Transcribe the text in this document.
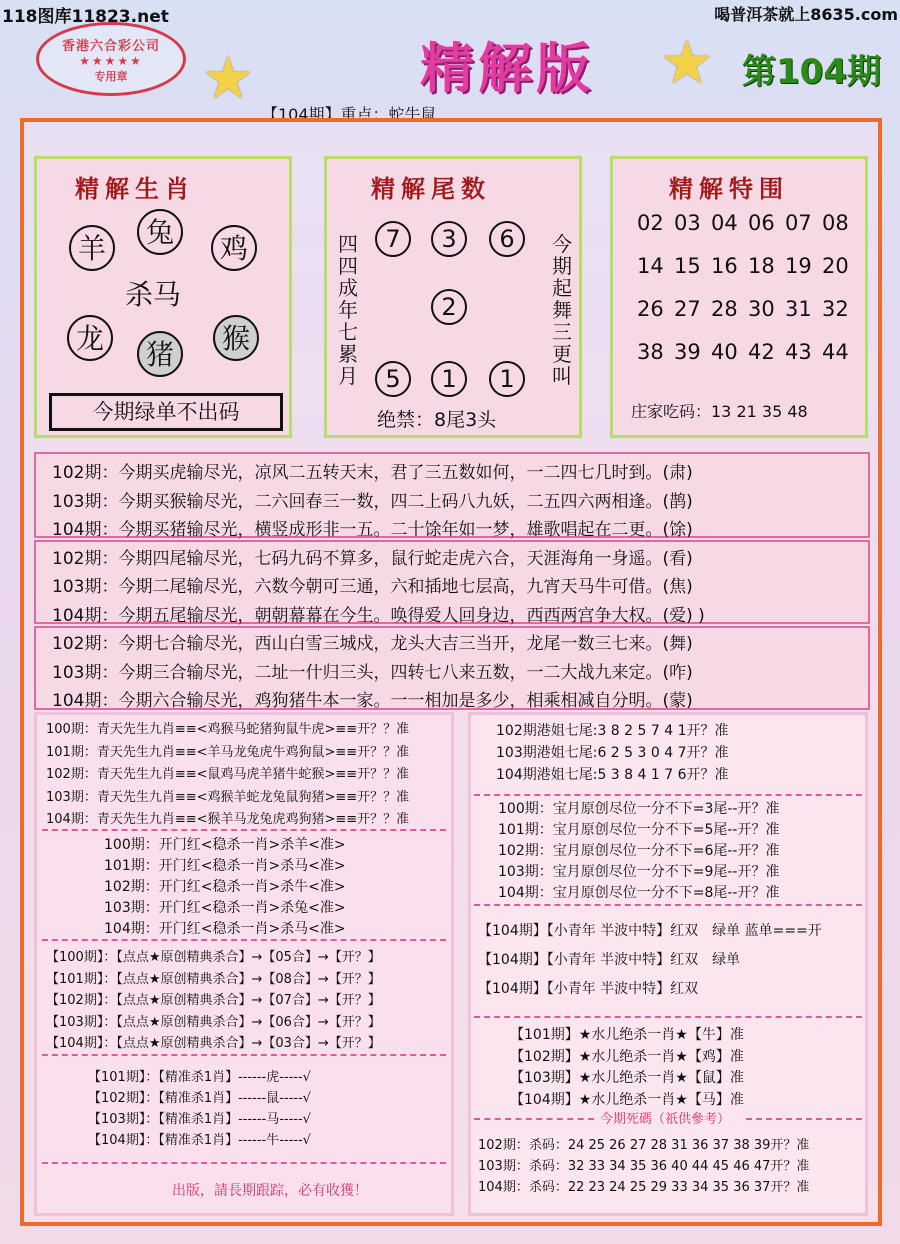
118图库11823.net	喝普洱茶就上8635.com
香港六合彩公司
★★★★★
专用章	★	精解版 ★ 第104期
【104期】重点：蛇牛鼠
精解生肖
羊	兔	鸡
杀马
龙	猪	猴
今期绿单不出码
精解尾数
7	3	6
2
5	1	1
四四成年七累月
今期起舞三更叫
绝禁：8尾3头
精解特围
庄家吃码：13 21 35 48
02 03 04 06 07 08
14 15 16 18 19 20
26 27 28 30 31 32
38 39 40 42 43 44
102期：今期买虎输尽光，凉风二五转天末，君了三五数如何，一二四七几时到。(肃)
103期：今期买猴输尽光，二六回春三一数，四二上码八九妖，二五四六两相逢。(鹊)
104期：今期买猪输尽光，横竖成形非一五。二十馀年如一梦，雄歌唱起在二更。(馀)
102期：今期四尾输尽光，七码九码不算多，鼠行蛇走虎六合，天涯海角一身遥。(看)
103期：今期二尾输尽光，六数今朝可三通，六和插地七层高，九宵天马牛可借。(焦)
104期：今期五尾输尽光，朝朝幕幕在今生。唤得爱人回身边，西西两宫争大权。(爱) )
102期：今期七合输尽光，西山白雪三城戍，龙头大吉三当开，龙尾一数三七来。(舞)
103期：今期三合输尽光，二址一什归三头，四转七八来五数，一二大战九来定。(咋)
104期：今期六合输尽光，鸡狗猪牛本一家。一一相加是多少，相乘相减自分明。(蒙)
100期：青天先生九肖≡≡<鸡猴马蛇猪狗鼠牛虎>≡≡开？？准
101期：青天先生九肖≡≡<羊马龙兔虎牛鸡狗鼠>≡≡开？？准
102期：青天先生九肖≡≡<鼠鸡马虎羊猪牛蛇猴>≡≡开？？准
103期：青天先生九肖≡≡<鸡猴羊蛇龙兔鼠狗猪>≡≡开？？准
104期：青天先生九肖≡≡<猴羊马龙兔虎鸡狗猪>≡≡开？？准
100期：开门红<稳杀一肖>杀羊<准>
101期：开门红<稳杀一肖>杀马<准>
102期：开门红<稳杀一肖>杀牛<准>
103期：开门红<稳杀一肖>杀兔<准>
104期：开门红<稳杀一肖>杀马<准>
【100期】：【点点★原创精典杀合】→【05合】→【开？】
【101期】：【点点★原创精典杀合】→【08合】→【开？】
【102期】：【点点★原创精典杀合】→【07合】→【开？】
【103期】：【点点★原创精典杀合】→【06合】→【开？】
【104期】：【点点★原创精典杀合】→【03合】→【开？】
【101期】：【精准杀1肖】------虎-----√
【102期】：【精准杀1肖】------鼠-----√
【103期】：【精准杀1肖】------马-----√
【104期】：【精准杀1肖】------牛-----√
出版，請長期跟踪，必有收獲！
102期港姐七尾:3 8 2 5 7 4 1开？准
103期港姐七尾:6 2 5 3 0 4 7开？准
104期港姐七尾:5 3 8 4 1 7 6开？准
100期：宝月原创尽位一分不下=3尾--开？准
101期：宝月原创尽位一分不下=5尾--开？准
102期：宝月原创尽位一分不下=6尾--开？准
103期：宝月原创尽位一分不下=9尾--开？准
104期：宝月原创尽位一分不下=8尾--开？准
【104期】【小青年 半波中特】红双　绿单 蓝单===开
【104期】【小青年 半波中特】红双　绿单
【104期】【小青年 半波中特】红双
【101期】★水儿绝杀一肖★【牛】准
【102期】★水儿绝杀一肖★【鸡】准
【103期】★水儿绝杀一肖★【鼠】准
【104期】★水儿绝杀一肖★【马】准
今期死碼（祇供參考）
102期：杀码：24 25 26 27 28 31 36 37 38 39开？准
103期：杀码：32 33 34 35 36 40 44 45 46 47开？准
104期：杀码：22 23 24 25 29 33 34 35 36 37开？准
